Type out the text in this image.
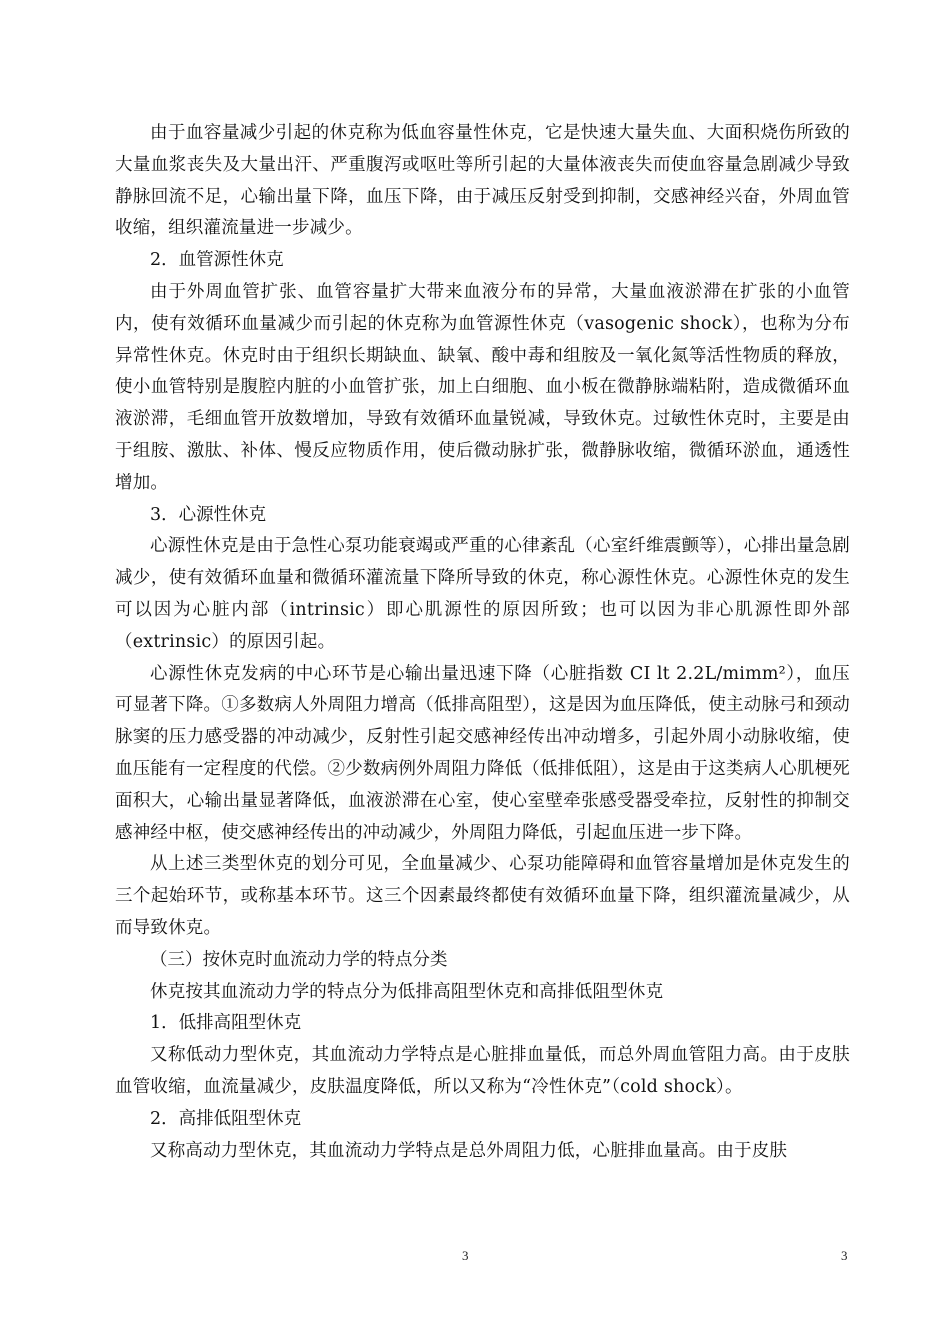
由于血容量减少引起的休克称为低血容量性休克，它是快速大量失血、大面积烧伤所致的大量血浆丧失及大量出汗、严重腹泻或呕吐等所引起的大量体液丧失而使血容量急剧减少导致静脉回流不足，心输出量下降，血压下降，由于减压反射受到抑制，交感神经兴奋，外周血管收缩，组织灌流量进一步减少。

2．血管源性休克

由于外周血管扩张、血管容量扩大带来血液分布的异常，大量血液淤滞在扩张的小血管内，使有效循环血量减少而引起的休克称为血管源性休克（vasogenic shock），也称为分布异常性休克。休克时由于组织长期缺血、缺氧、酸中毒和组胺及一氧化氮等活性物质的释放，使小血管特别是腹腔内脏的小血管扩张，加上白细胞、血小板在微静脉端粘附，造成微循环血液淤滞，毛细血管开放数增加，导致有效循环血量锐减，导致休克。过敏性休克时，主要是由于组胺、激肽、补体、慢反应物质作用，使后微动脉扩张，微静脉收缩，微循环淤血，通透性增加。

3．心源性休克

心源性休克是由于急性心泵功能衰竭或严重的心律紊乱（心室纤维震颤等），心排出量急剧减少，使有效循环血量和微循环灌流量下降所导致的休克，称心源性休克。心源性休克的发生可以因为心脏内部（intrinsic）即心肌源性的原因所致；也可以因为非心肌源性即外部（extrinsic）的原因引起。

心源性休克发病的中心环节是心输出量迅速下降（心脏指数 CI lt 2.2L/mimm²），血压可显著下降。①多数病人外周阻力增高（低排高阻型），这是因为血压降低，使主动脉弓和颈动脉窦的压力感受器的冲动减少，反射性引起交感神经传出冲动增多，引起外周小动脉收缩，使血压能有一定程度的代偿。②少数病例外周阻力降低（低排低阻），这是由于这类病人心肌梗死面积大，心输出量显著降低，血液淤滞在心室，使心室壁牵张感受器受牵拉，反射性的抑制交感神经中枢，使交感神经传出的冲动减少，外周阻力降低，引起血压进一步下降。

从上述三类型休克的划分可见，全血量减少、心泵功能障碍和血管容量增加是休克发生的三个起始环节，或称基本环节。这三个因素最终都使有效循环血量下降，组织灌流量减少，从而导致休克。

（三）按休克时血流动力学的特点分类

休克按其血流动力学的特点分为低排高阻型休克和高排低阻型休克

1．低排高阻型休克

又称低动力型休克，其血流动力学特点是心脏排血量低，而总外周血管阻力高。由于皮肤血管收缩，血流量减少，皮肤温度降低，所以又称为“冷性休克”（cold shock）。

2．高排低阻型休克

又称高动力型休克，其血流动力学特点是总外周阻力低，心脏排血量高。由于皮肤

3	3
